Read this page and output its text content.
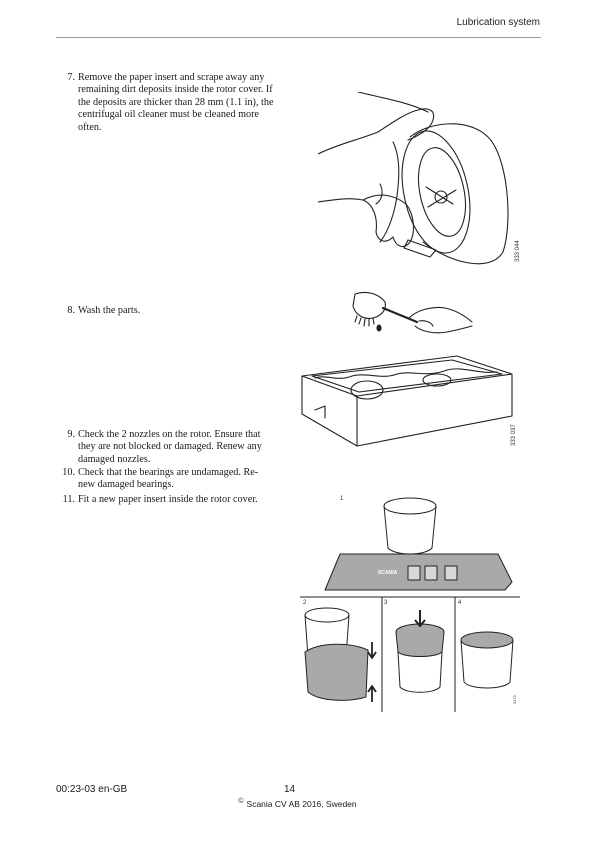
Lubrication system
7. Remove the paper insert and scrape away any remaining dirt deposits inside the rotor cover. If the deposits are thicker than 28 mm (1.1 in), the centrifugal oil cleaner must be cleaned more often.
8. Wash the parts.
9. Check the 2 nozzles on the rotor. Ensure that they are not blocked or damaged. Renew any damaged nozzles.
10. Check that the bearings are undamaged. Re- new damaged bearings.
11. Fit a new paper insert inside the rotor cover.
333 044
333 037
1
2	3	4
SCANIA
3172
00:23-03 en-GB	14
© Scania CV AB 2016, Sweden
